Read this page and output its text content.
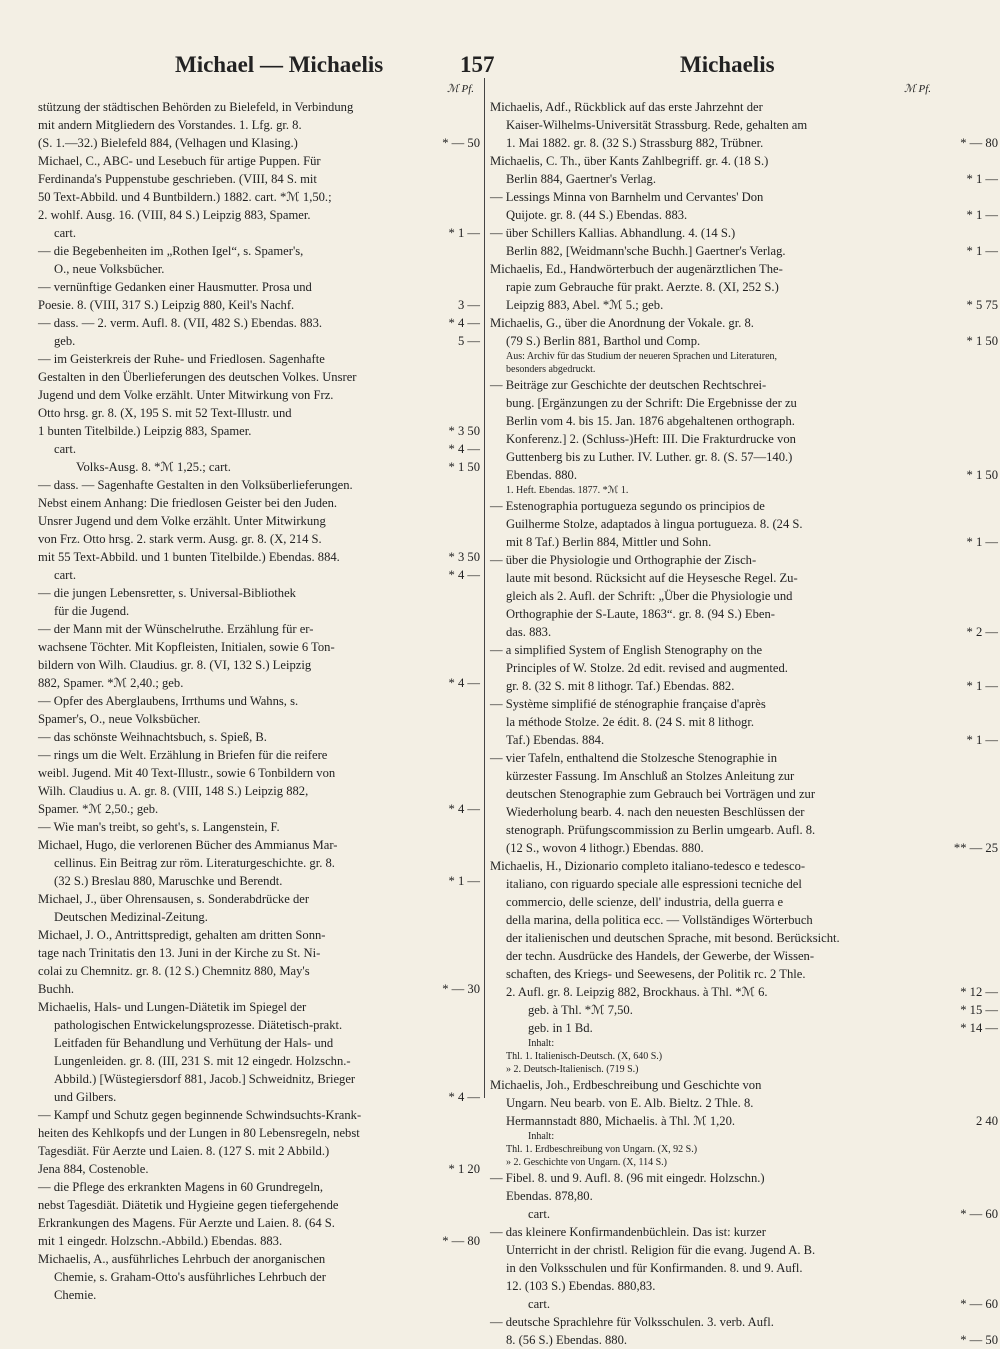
Michael — Michaelis	157	Michaelis
ℳ Pf.	ℳ Pf.
stützung der städtischen Behörden zu Bielefeld, in Verbindung
mit andern Mitgliedern des Vorstandes. 1. Lfg. gr. 8.
(S. 1.—32.) Bielefeld 884, (Velhagen und Klasing.)	* — 50
Michael, C., ABC- und Lesebuch für artige Puppen. Für
Ferdinanda's Puppenstube geschrieben. (VIII, 84 S. mit
50 Text-Abbild. und 4 Buntbildern.) 1882. cart. *ℳ 1,50.;
2. wohlf. Ausg. 16. (VIII, 84 S.) Leipzig 883, Spamer.
cart.	* 1 —
— die Begebenheiten im „Rothen Igel“, s. Spamer's,
O., neue Volksbücher.
— vernünftige Gedanken einer Hausmutter. Prosa und
Poesie. 8. (VIII, 317 S.) Leipzig 880, Keil's Nachf.	3 —
— dass. — 2. verm. Aufl. 8. (VII, 482 S.) Ebendas. 883.	* 4 —
geb.	5 —
— im Geisterkreis der Ruhe- und Friedlosen. Sagenhafte
Gestalten in den Überlieferungen des deutschen Volkes. Unsrer
Jugend und dem Volke erzählt. Unter Mitwirkung von Frz.
Otto hrsg. gr. 8. (X, 195 S. mit 52 Text-Illustr. und
1 bunten Titelbilde.) Leipzig 883, Spamer.	* 3 50
cart.	* 4 —
Volks-Ausg. 8. *ℳ 1,25.; cart.	* 1 50
— dass. — Sagenhafte Gestalten in den Volksüberlieferungen.
Nebst einem Anhang: Die friedlosen Geister bei den Juden.
Unsrer Jugend und dem Volke erzählt. Unter Mitwirkung
von Frz. Otto hrsg. 2. stark verm. Ausg. gr. 8. (X, 214 S.
mit 55 Text-Abbild. und 1 bunten Titelbilde.) Ebendas. 884.	* 3 50
cart.	* 4 —
— die jungen Lebensretter, s. Universal-Bibliothek
für die Jugend.
— der Mann mit der Wünschelruthe. Erzählung für er-
wachsene Töchter. Mit Kopfleisten, Initialen, sowie 6 Ton-
bildern von Wilh. Claudius. gr. 8. (VI, 132 S.) Leipzig
882, Spamer. *ℳ 2,40.; geb.	* 4 —
— Opfer des Aberglaubens, Irrthums und Wahns, s.
Spamer's, O., neue Volksbücher.
— das schönste Weihnachtsbuch, s. Spieß, B.
— rings um die Welt. Erzählung in Briefen für die reifere
weibl. Jugend. Mit 40 Text-Illustr., sowie 6 Tonbildern von
Wilh. Claudius u. A. gr. 8. (VIII, 148 S.) Leipzig 882,
Spamer. *ℳ 2,50.; geb.	* 4 —
— Wie man's treibt, so geht's, s. Langenstein, F.
Michael, Hugo, die verlorenen Bücher des Ammianus Mar-
cellinus. Ein Beitrag zur röm. Literaturgeschichte. gr. 8.
(32 S.) Breslau 880, Maruschke und Berendt.	* 1 —
Michael, J., über Ohrensausen, s. Sonderabdrücke der
Deutschen Medizinal-Zeitung.
Michael, J. O., Antrittspredigt, gehalten am dritten Sonn-
tage nach Trinitatis den 13. Juni in der Kirche zu St. Ni-
colai zu Chemnitz. gr. 8. (12 S.) Chemnitz 880, May's
Buchh.	* — 30
Michaelis, Hals- und Lungen-Diätetik im Spiegel der
pathologischen Entwickelungsprozesse. Diätetisch-prakt.
Leitfaden für Behandlung und Verhütung der Hals- und
Lungenleiden. gr. 8. (III, 231 S. mit 12 eingedr. Holzschn.-
Abbild.) [Wüstegiersdorf 881, Jacob.] Schweidnitz, Brieger
und Gilbers.	* 4 —
— Kampf und Schutz gegen beginnende Schwindsuchts-Krank-
heiten des Kehlkopfs und der Lungen in 80 Lebensregeln, nebst
Tagesdiät. Für Aerzte und Laien. 8. (127 S. mit 2 Abbild.)
Jena 884, Costenoble.	* 1 20
— die Pflege des erkrankten Magens in 60 Grundregeln,
nebst Tagesdiät. Diätetik und Hygieine gegen tiefergehende
Erkrankungen des Magens. Für Aerzte und Laien. 8. (64 S.
mit 1 eingedr. Holzschn.-Abbild.) Ebendas. 883.	* — 80
Michaelis, A., ausführliches Lehrbuch der anorganischen
Chemie, s. Graham-Otto's ausführliches Lehrbuch der
Chemie.
Michaelis, Adf., Rückblick auf das erste Jahrzehnt der
Kaiser-Wilhelms-Universität Strassburg. Rede, gehalten am
1. Mai 1882. gr. 8. (32 S.) Strassburg 882, Trübner.	* — 80
Michaelis, C. Th., über Kants Zahlbegriff. gr. 4. (18 S.)
Berlin 884, Gaertner's Verlag.	* 1 —
— Lessings Minna von Barnhelm und Cervantes' Don
Quijote. gr. 8. (44 S.) Ebendas. 883.	* 1 —
— über Schillers Kallias. Abhandlung. 4. (14 S.)
Berlin 882, [Weidmann'sche Buchh.] Gaertner's Verlag.	* 1 —
Michaelis, Ed., Handwörterbuch der augenärztlichen The-
rapie zum Gebrauche für prakt. Aerzte. 8. (XI, 252 S.)
Leipzig 883, Abel. *ℳ 5.; geb.	* 5 75
Michaelis, G., über die Anordnung der Vokale. gr. 8.
(79 S.) Berlin 881, Barthol und Comp.	* 1 50
Aus: Archiv für das Studium der neueren Sprachen und Literaturen,
besonders abgedruckt.
— Beiträge zur Geschichte der deutschen Rechtschrei-
bung. [Ergänzungen zu der Schrift: Die Ergebnisse der zu
Berlin vom 4. bis 15. Jan. 1876 abgehaltenen orthograph.
Konferenz.] 2. (Schluss-)Heft: III. Die Frakturdrucke von
Guttenberg bis zu Luther. IV. Luther. gr. 8. (S. 57—140.)
Ebendas. 880.	* 1 50
1. Heft. Ebendas. 1877. *ℳ 1.
— Estenographia portugueza segundo os principios de
Guilherme Stolze, adaptados à lingua portugueza. 8. (24 S.
mit 8 Taf.) Berlin 884, Mittler und Sohn.	* 1 —
— über die Physiologie und Orthographie der Zisch-
laute mit besond. Rücksicht auf die Heysesche Regel. Zu-
gleich als 2. Aufl. der Schrift: „Über die Physiologie und
Orthographie der S-Laute, 1863“. gr. 8. (94 S.) Eben-
das. 883.	* 2 —
— a simplified System of English Stenography on the
Principles of W. Stolze. 2d edit. revised and augmented.
gr. 8. (32 S. mit 8 lithogr. Taf.) Ebendas. 882.	* 1 —
— Système simplifié de sténographie française d'après
la méthode Stolze. 2e édit. 8. (24 S. mit 8 lithogr.
Taf.) Ebendas. 884.	* 1 —
— vier Tafeln, enthaltend die Stolzesche Stenographie in
kürzester Fassung. Im Anschluß an Stolzes Anleitung zur
deutschen Stenographie zum Gebrauch bei Vorträgen und zur
Wiederholung bearb. 4. nach den neuesten Beschlüssen der
stenograph. Prüfungscommission zu Berlin umgearb. Aufl. 8.
(12 S., wovon 4 lithogr.) Ebendas. 880.	** — 25
Michaelis, H., Dizionario completo italiano-tedesco e tedesco-
italiano, con riguardo speciale alle espressioni tecniche del
commercio, delle scienze, dell' industria, della guerra e
della marina, della politica ecc. — Vollständiges Wörterbuch
der italienischen und deutschen Sprache, mit besond. Berücksicht.
der techn. Ausdrücke des Handels, der Gewerbe, der Wissen-
schaften, des Kriegs- und Seewesens, der Politik rc. 2 Thle.
2. Aufl. gr. 8. Leipzig 882, Brockhaus. à Thl. *ℳ 6.	* 12 —
geb. à Thl. *ℳ 7,50.	* 15 —
geb. in 1 Bd.	* 14 —
Inhalt:
Thl. 1. Italienisch-Deutsch. (X, 640 S.)
» 2. Deutsch-Italienisch. (719 S.)
Michaelis, Joh., Erdbeschreibung und Geschichte von
Ungarn. Neu bearb. von E. Alb. Bieltz. 2 Thle. 8.
Hermannstadt 880, Michaelis. à Thl. ℳ 1,20.	2 40
Inhalt:
Thl. 1. Erdbeschreibung von Ungarn. (X, 92 S.)
» 2. Geschichte von Ungarn. (X, 114 S.)
— Fibel. 8. und 9. Aufl. 8. (96 mit eingedr. Holzschn.)
Ebendas. 878,80.
cart.	* — 60
— das kleinere Konfirmandenbüchlein. Das ist: kurzer
Unterricht in der christl. Religion für die evang. Jugend A. B.
in den Volksschulen und für Konfirmanden. 8. und 9. Aufl.
12. (103 S.) Ebendas. 880,83.
cart.	* — 60
— deutsche Sprachlehre für Volksschulen. 3. verb. Aufl.
8. (56 S.) Ebendas. 880.	* — 50
